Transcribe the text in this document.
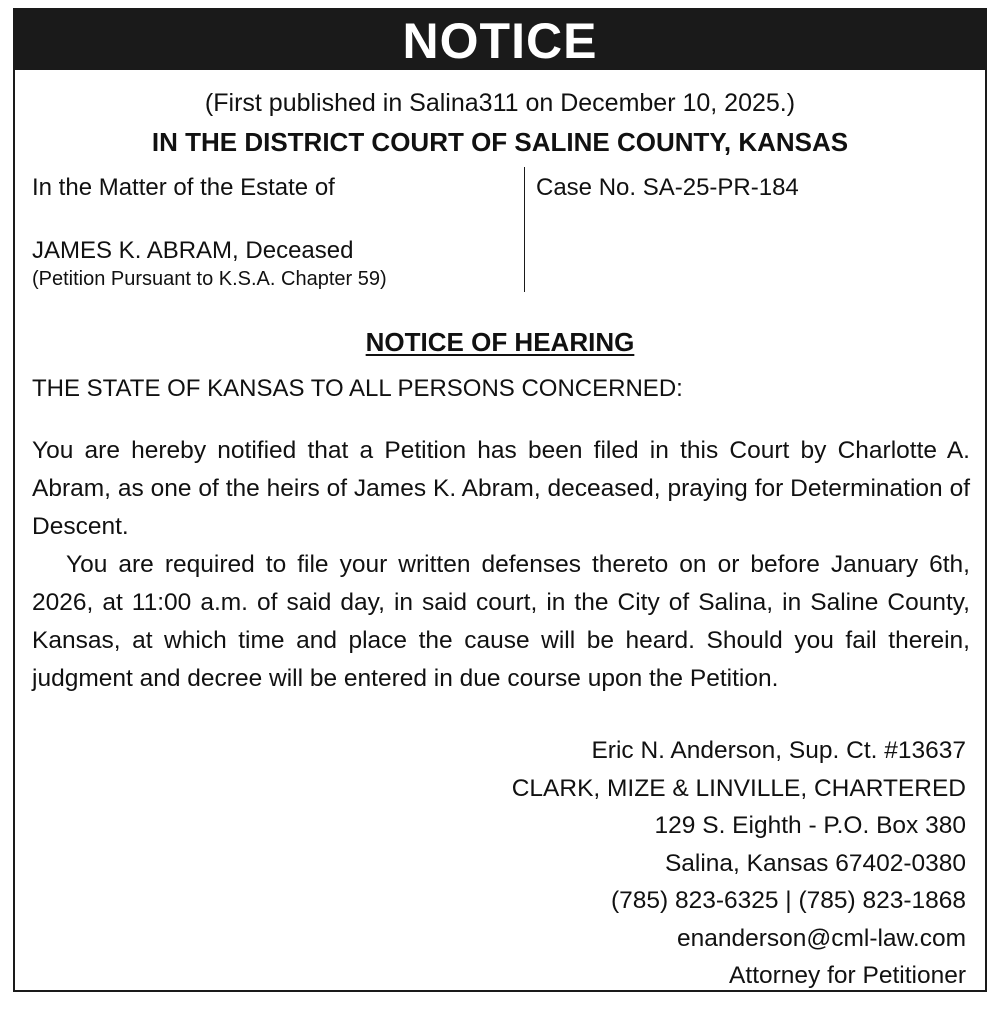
NOTICE
(First published in Salina311 on December 10, 2025.)
IN THE DISTRICT COURT OF SALINE COUNTY, KANSAS
In the Matter of the Estate of
JAMES K. ABRAM, Deceased
(Petition Pursuant to K.S.A. Chapter 59)
Case No. SA-25-PR-184
NOTICE OF HEARING
THE STATE OF KANSAS TO ALL PERSONS CONCERNED:

You are hereby notified that a Petition has been filed in this Court by Charlotte A. Abram, as one of the heirs of James K. Abram, deceased, praying for Determination of Descent.

You are required to file your written defenses thereto on or before January 6th, 2026, at 11:00 a.m. of said day, in said court, in the City of Salina, in Saline County, Kansas, at which time and place the cause will be heard. Should you fail therein, judgment and decree will be entered in due course upon the Petition.

Eric N. Anderson, Sup. Ct. #13637
CLARK, MIZE & LINVILLE, CHARTERED
129 S. Eighth - P.O. Box 380
Salina, Kansas 67402-0380
(785) 823-6325 | (785) 823-1868
enanderson@cml-law.com
Attorney for Petitioner
